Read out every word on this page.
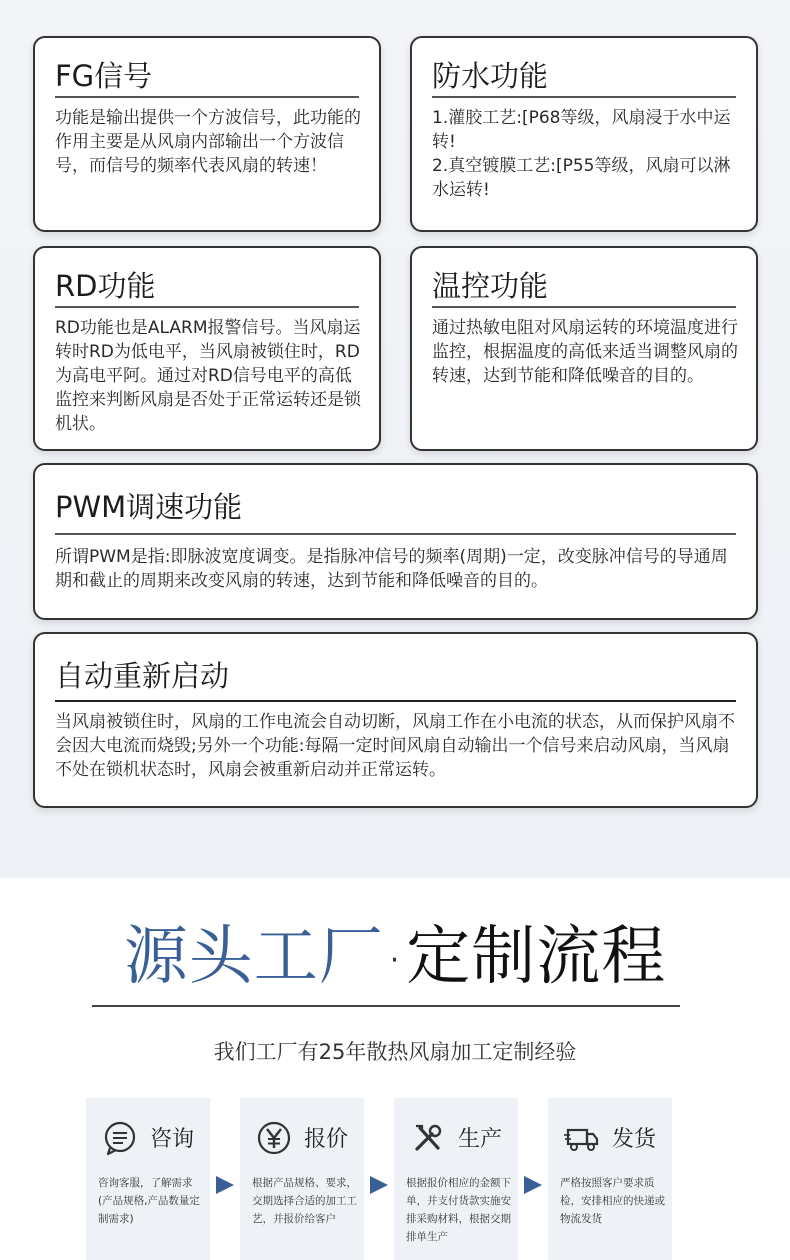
FG信号
功能是输出提供一个方波信号，此功能的作用主要是从风扇内部输出一个方波信号，而信号的频率代表风扇的转速！
防水功能
1.灌胶工艺:[P68等级，风扇浸于水中运转!
2.真空镀膜工艺:[P55等级，风扇可以淋水运转!
RD功能
RD功能也是ALARM报警信号。当风扇运转时RD为低电平，当风扇被锁住时，RD为高电平阿。通过对RD信号电平的高低监控来判断风扇是否处于正常运转还是锁机状。
温控功能
通过热敏电阻对风扇运转的环境温度进行监控，根据温度的高低来适当调整风扇的转速，达到节能和降低噪音的目的。
PWM调速功能
所谓PWM是指:即脉波宽度调变。是指脉冲信号的频率(周期)一定，改变脉冲信号的导通周期和截止的周期来改变风扇的转速，达到节能和降低噪音的目的。
自动重新启动
当风扇被锁住时，风扇的工作电流会自动切断，风扇工作在小电流的状态，从而保护风扇不会因大电流而烧毁;另外一个功能:每隔一定时间风扇自动输出一个信号来启动风扇，当风扇不处在锁机状态时，风扇会被重新启动并正常运转。
源头工厂 ·定制流程
我们工厂有25年散热风扇加工定制经验
咨询
咨询客服，了解需求(产品规格,产品数量定制需求)
报价
根据产品规格、要求，交期选择合适的加工工艺，并报价给客户
生产
根据报价相应的金额下单，并支付货款实施安排采购材料，根据交期排单生产
发货
严格按照客户要求质检，安排相应的快递或物流发货
